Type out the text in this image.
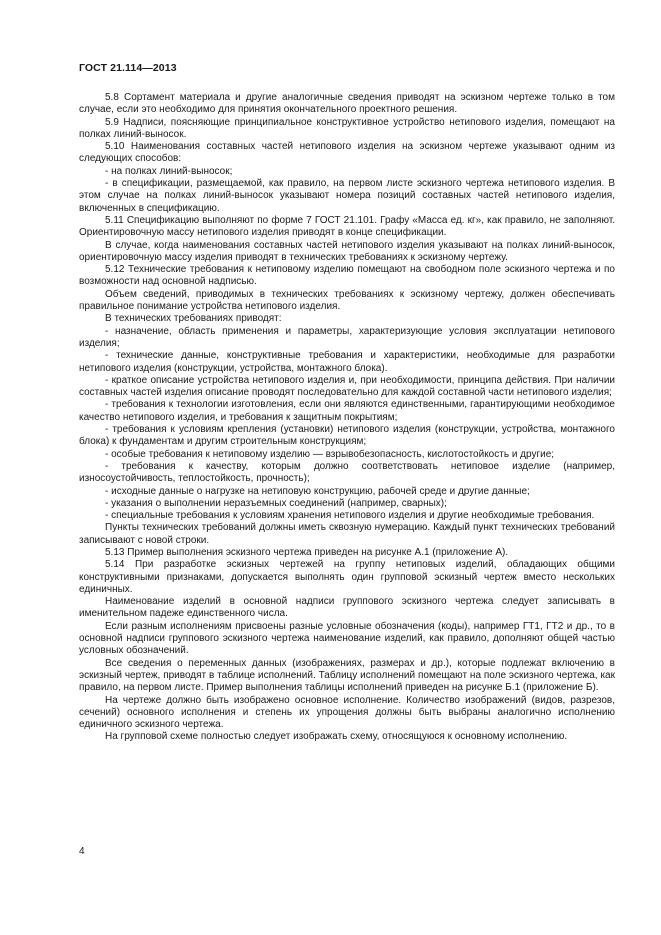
ГОСТ 21.114—2013

5.8 Сортамент материала и другие аналогичные сведения приводят на эскизном чертеже только в том случае, если это необходимо для принятия окончательного проектного решения.

5.9 Надписи, поясняющие принципиальное конструктивное устройство нетипового изделия, помещают на полках линий-выносок.

5.10 Наименования составных частей нетипового изделия на эскизном чертеже указывают одним из следующих способов:

- на полках линий-выносок;

- в спецификации, размещаемой, как правило, на первом листе эскизного чертежа нетипового изделия. В этом случае на полках линий-выносок указывают номера позиций составных частей нетипового изделия, включенных в спецификацию.

5.11 Спецификацию выполняют по форме 7 ГОСТ 21.101. Графу «Масса ед. кг», как правило, не заполняют. Ориентировочную массу нетипового изделия приводят в конце спецификации.

В случае, когда наименования составных частей нетипового изделия указывают на полках линий-выносок, ориентировочную массу изделия приводят в технических требованиях к эскизному чертежу.

5.12 Технические требования к нетиповому изделию помещают на свободном поле эскизного чертежа и по возможности над основной надписью.

Объем сведений, приводимых в технических требованиях к эскизному чертежу, должен обеспечивать правильное понимание устройства нетипового изделия.

В технических требованиях приводят:

- назначение, область применения и параметры, характеризующие условия эксплуатации нетипового изделия;

- технические данные, конструктивные требования и характеристики, необходимые для разработки нетипового изделия (конструкции, устройства, монтажного блока).

- краткое описание устройства нетипового изделия и, при необходимости, принципа действия. При наличии составных частей изделия описание проводят последовательно для каждой составной части нетипового изделия;

- требования к технологии изготовления, если они являются единственными, гарантирующими необходимое качество нетипового изделия, и требования к защитным покрытиям;

- требования к условиям крепления (установки) нетипового изделия (конструкции, устройства, монтажного блока) к фундаментам и другим строительным конструкциям;

- особые требования к нетиповому изделию — взрывобезопасность, кислотостойкость и другие;

- требования к качеству, которым должно соответствовать нетиповое изделие (например, износоустойчивость, теплостойкость, прочность);

- исходные данные о нагрузке на нетиповую конструкцию, рабочей среде и другие данные;

- указания о выполнении неразъемных соединений (например, сварных);

- специальные требования к условиям хранения нетипового изделия и другие необходимые требования.

Пункты технических требований должны иметь сквозную нумерацию. Каждый пункт технических требований записывают с новой строки.

5.13 Пример выполнения эскизного чертежа приведен на рисунке А.1 (приложение А).

5.14 При разработке эскизных чертежей на группу нетиповых изделий, обладающих общими конструктивными признаками, допускается выполнять один групповой эскизный чертеж вместо нескольких единичных.

Наименование изделий в основной надписи группового эскизного чертежа следует записывать в именительном падеже единственного числа.

Если разным исполнениям присвоены разные условные обозначения (коды), например ГТ1, ГТ2 и др., то в основной надписи группового эскизного чертежа наименование изделий, как правило, дополняют общей частью условных обозначений.

Все сведения о переменных данных (изображениях, размерах и др.), которые подлежат включению в эскизный чертеж, приводят в таблице исполнений. Таблицу исполнений помещают на поле эскизного чертежа, как правило, на первом листе. Пример выполнения таблицы исполнений приведен на рисунке Б.1 (приложение Б).

На чертеже должно быть изображено основное исполнение. Количество изображений (видов, разрезов, сечений) основного исполнения и степень их упрощения должны быть выбраны аналогично исполнению единичного эскизного чертежа.

На групповой схеме полностью следует изображать схему, относящуюся к основному исполнению.

4
